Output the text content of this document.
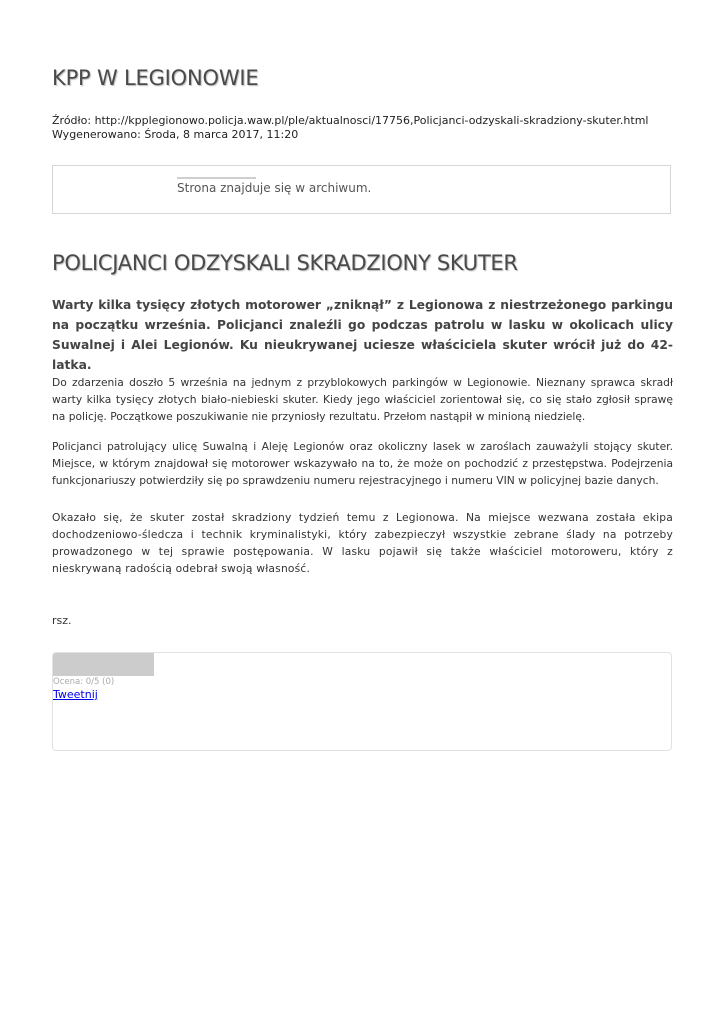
KPP W LEGIONOWIE
Źródło: http://kpplegionowo.policja.waw.pl/ple/aktualnosci/17756,Policjanci-odzyskali-skradziony-skuter.html
Wygenerowano: Środa, 8 marca 2017, 11:20
Strona znajduje się w archiwum.
POLICJANCI ODZYSKALI SKRADZIONY SKUTER

Warty kilka tysięcy złotych motorower „zniknął” z Legionowa z niestrzeżonego parkingu na początku września. Policjanci znaleźli go podczas patrolu w lasku w okolicach ulicy Suwalnej i Alei Legionów. Ku nieukrywanej uciesze właściciela skuter wrócił już do 42-latka.

Do zdarzenia doszło 5 września na jednym z przyblokowych parkingów w Legionowie. Nieznany sprawca skradł warty kilka tysięcy złotych biało-niebieski skuter. Kiedy jego właściciel zorientował się, co się stało zgłosił sprawę na policję. Początkowe poszukiwanie nie przyniosły rezultatu. Przełom nastąpił w minioną niedzielę.

Policjanci patrolujący ulicę Suwalną i Aleję Legionów oraz okoliczny lasek w zaroślach zauważyli stojący skuter. Miejsce, w którym znajdował się motorower wskazywało na to, że może on pochodzić z przestępstwa. Podejrzenia funkcjonariuszy potwierdziły się po sprawdzeniu numeru rejestracyjnego i numeru VIN w policyjnej bazie danych.

Okazało się, że skuter został skradziony tydzień temu z Legionowa. Na miejsce wezwana została ekipa dochodzeniowo-śledcza i technik kryminalistyki, który zabezpieczył wszystkie zebrane ślady na potrzeby prowadzonego w tej sprawie postępowania. W lasku pojawił się także właściciel motoroweru, który z nieskrywaną radością odebrał swoją własność.

rsz.
Ocena: 0/5 (0)
Tweetnij
